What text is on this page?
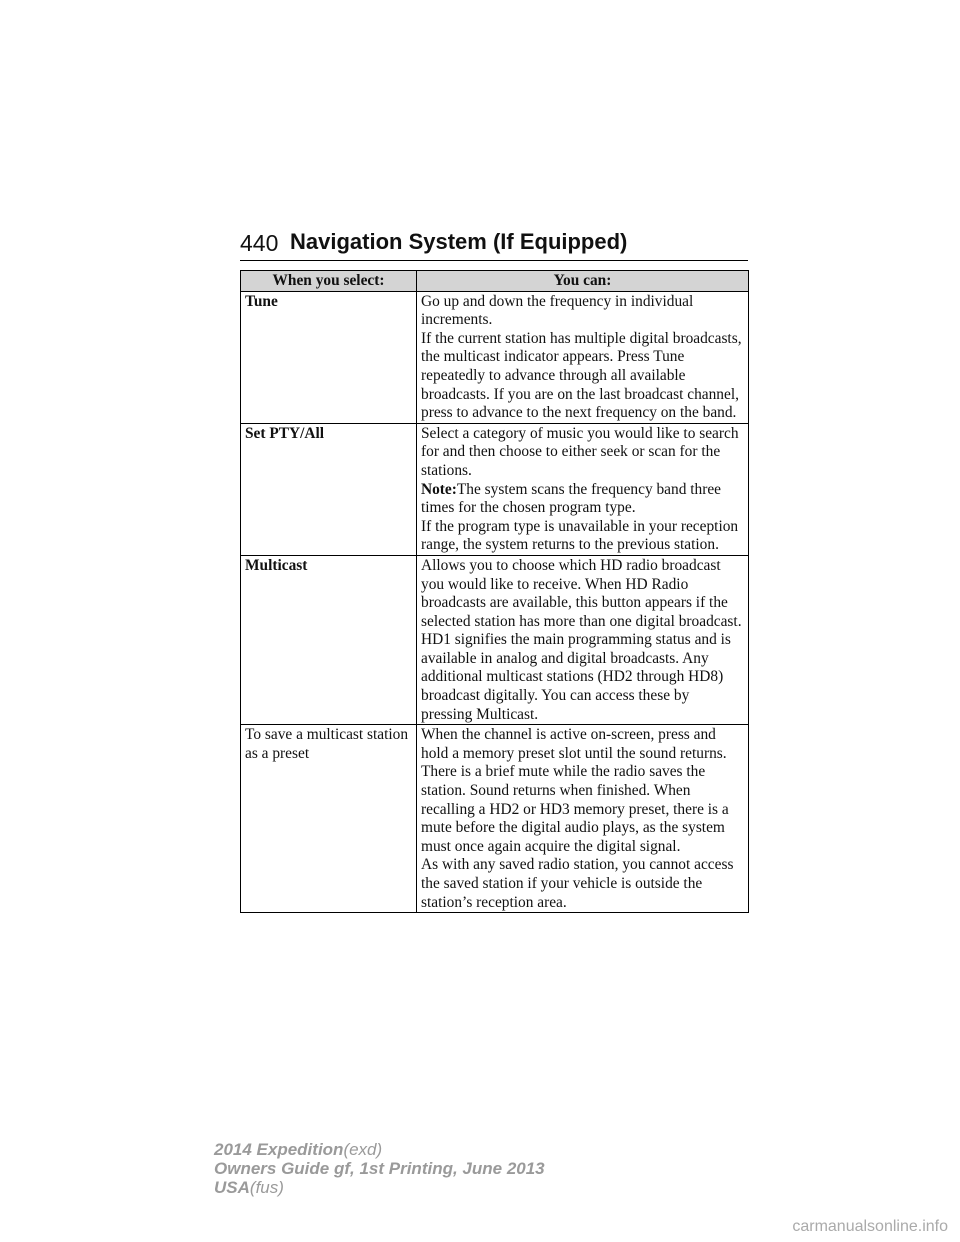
440 Navigation System (If Equipped)
When you select:	You can:
Tune	Go up and down the frequency in individual increments.
If the current station has multiple digital broadcasts, the multicast indicator appears. Press Tune repeatedly to advance through all available broadcasts. If you are on the last broadcast channel, press to advance to the next frequency on the band.

Set PTY/All	Select a category of music you would like to search for and then choose to either seek or scan for the stations.
Note:The system scans the frequency band three times for the chosen program type.
If the program type is unavailable in your reception range, the system returns to the previous station.

Multicast	Allows you to choose which HD radio broadcast you would like to receive. When HD Radio broadcasts are available, this button appears if the selected station has more than one digital broadcast. HD1 signifies the main programming status and is available in analog and digital broadcasts. Any additional multicast stations (HD2 through HD8) broadcast digitally. You can access these by pressing Multicast.

To save a multicast station as a preset	When the channel is active on-screen, press and hold a memory preset slot until the sound returns. There is a brief mute while the radio saves the station. Sound returns when finished. When recalling a HD2 or HD3 memory preset, there is a mute before the digital audio plays, as the system must once again acquire the digital signal.
As with any saved radio station, you cannot access the saved station if your vehicle is outside the station’s reception area.
2014 Expedition(exd)
Owners Guide gf, 1st Printing, June 2013
USA(fus)
carmanualsonline.info
